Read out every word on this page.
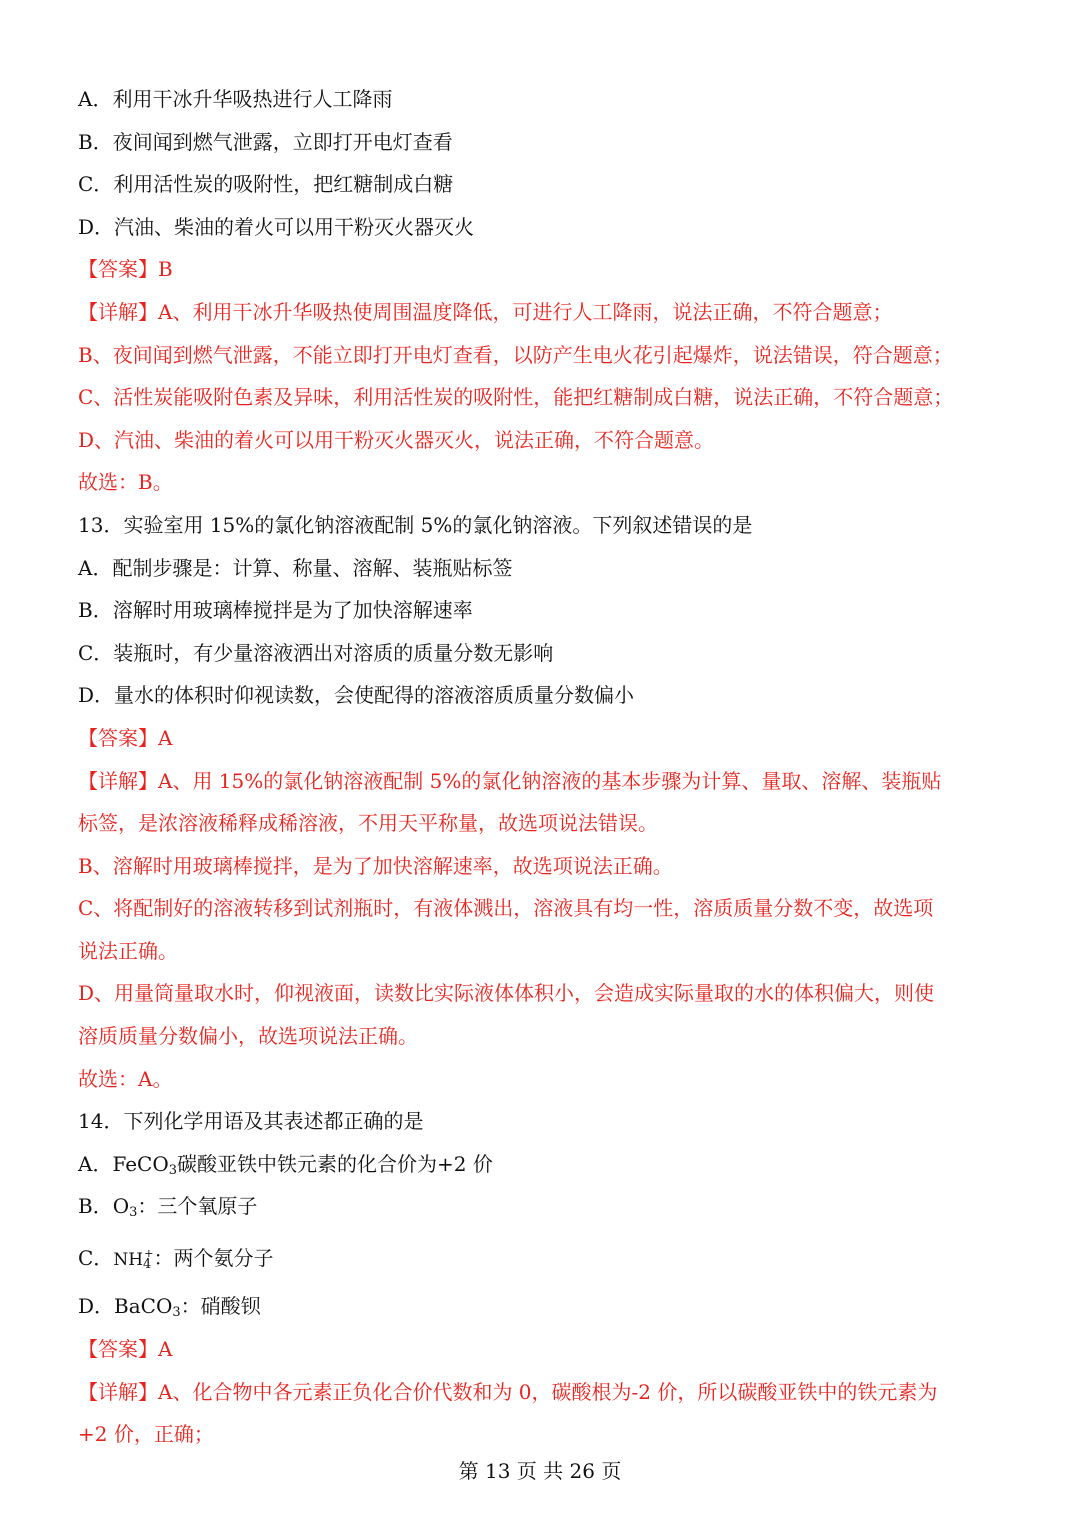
A．利用干冰升华吸热进行人工降雨
B．夜间闻到燃气泄露，立即打开电灯查看
C．利用活性炭的吸附性，把红糖制成白糖
D．汽油、柴油的着火可以用干粉灭火器灭火
【答案】B
【详解】A、利用干冰升华吸热使周围温度降低，可进行人工降雨，说法正确，不符合题意；
B、夜间闻到燃气泄露，不能立即打开电灯查看，以防产生电火花引起爆炸，说法错误，符合题意；
C、活性炭能吸附色素及异味，利用活性炭的吸附性，能把红糖制成白糖，说法正确，不符合题意；
D、汽油、柴油的着火可以用干粉灭火器灭火，说法正确，不符合题意。
故选：B。
13．实验室用 15%的氯化钠溶液配制 5%的氯化钠溶液。下列叙述错误的是
A．配制步骤是：计算、称量、溶解、装瓶贴标签
B．溶解时用玻璃棒搅拌是为了加快溶解速率
C．装瓶时，有少量溶液洒出对溶质的质量分数无影响
D．量水的体积时仰视读数，会使配得的溶液溶质质量分数偏小
【答案】A
【详解】A、用 15%的氯化钠溶液配制 5%的氯化钠溶液的基本步骤为计算、量取、溶解、装瓶贴
标签，是浓溶液稀释成稀溶液，不用天平称量，故选项说法错误。
B、溶解时用玻璃棒搅拌，是为了加快溶解速率，故选项说法正确。
C、将配制好的溶液转移到试剂瓶时，有液体溅出，溶液具有均一性，溶质质量分数不变，故选项
说法正确。
D、用量筒量取水时，仰视液面，读数比实际液体体积小，会造成实际量取的水的体积偏大，则使
溶质质量分数偏小，故选项说法正确。
故选：A。
14．下列化学用语及其表述都正确的是
A．FeCO$_3$碳酸亚铁中铁元素的化合价为+2 价
B．$O_3$：三个氧原子
C．$NH_4^+$：两个氨分子
D．BaCO$_3$：硝酸钡
【答案】A
【详解】A、化合物中各元素正负化合价代数和为 0，碳酸根为-2 价，所以碳酸亚铁中的铁元素为
+2 价，正确；
第 13 页 共 26 页
